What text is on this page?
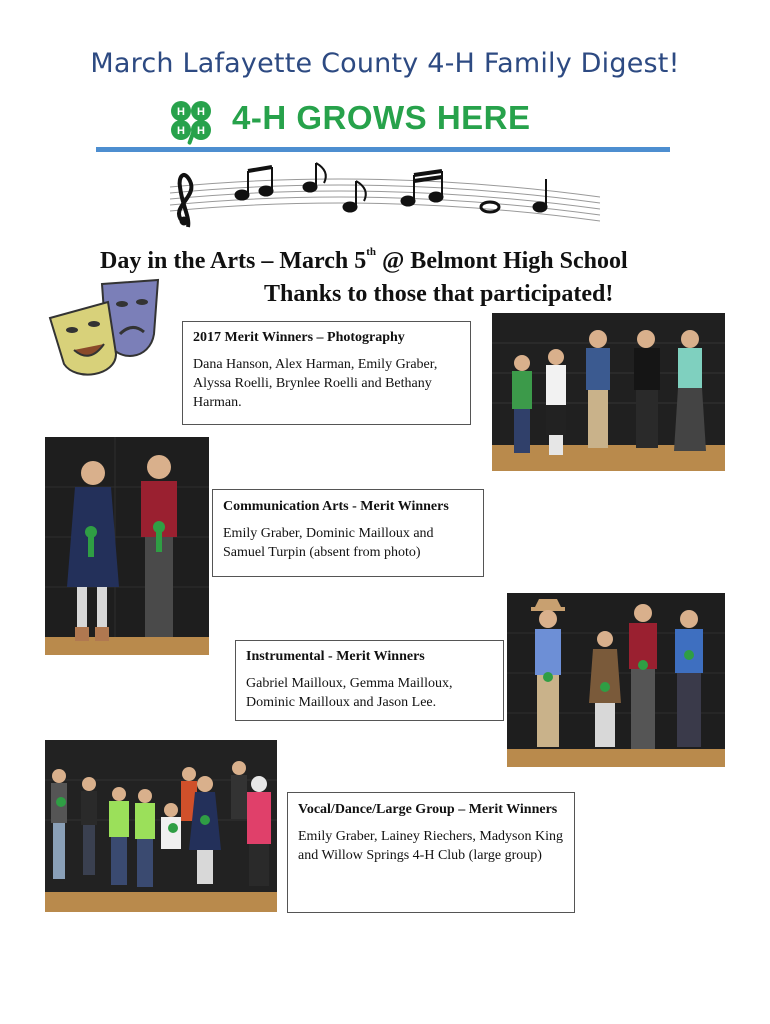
March Lafayette County 4-H Family Digest!
H H
H H 4-H GROWS HERE
Day in the Arts – March 5th @ Belmont High School
Thanks to those that participated!
2017 Merit Winners – Photography
Dana Hanson, Alex Harman, Emily Graber, Alyssa Roelli, Brynlee Roelli and Bethany Harman.
Communication Arts - Merit Winners
Emily Graber, Dominic Mailloux and Samuel Turpin (absent from photo)
Instrumental - Merit Winners
Gabriel Mailloux, Gemma Mailloux, Dominic Mailloux and Jason Lee.
Vocal/Dance/Large Group – Merit Winners
Emily Graber, Lainey Riechers, Madyson King and Willow Springs 4-H Club (large group)
